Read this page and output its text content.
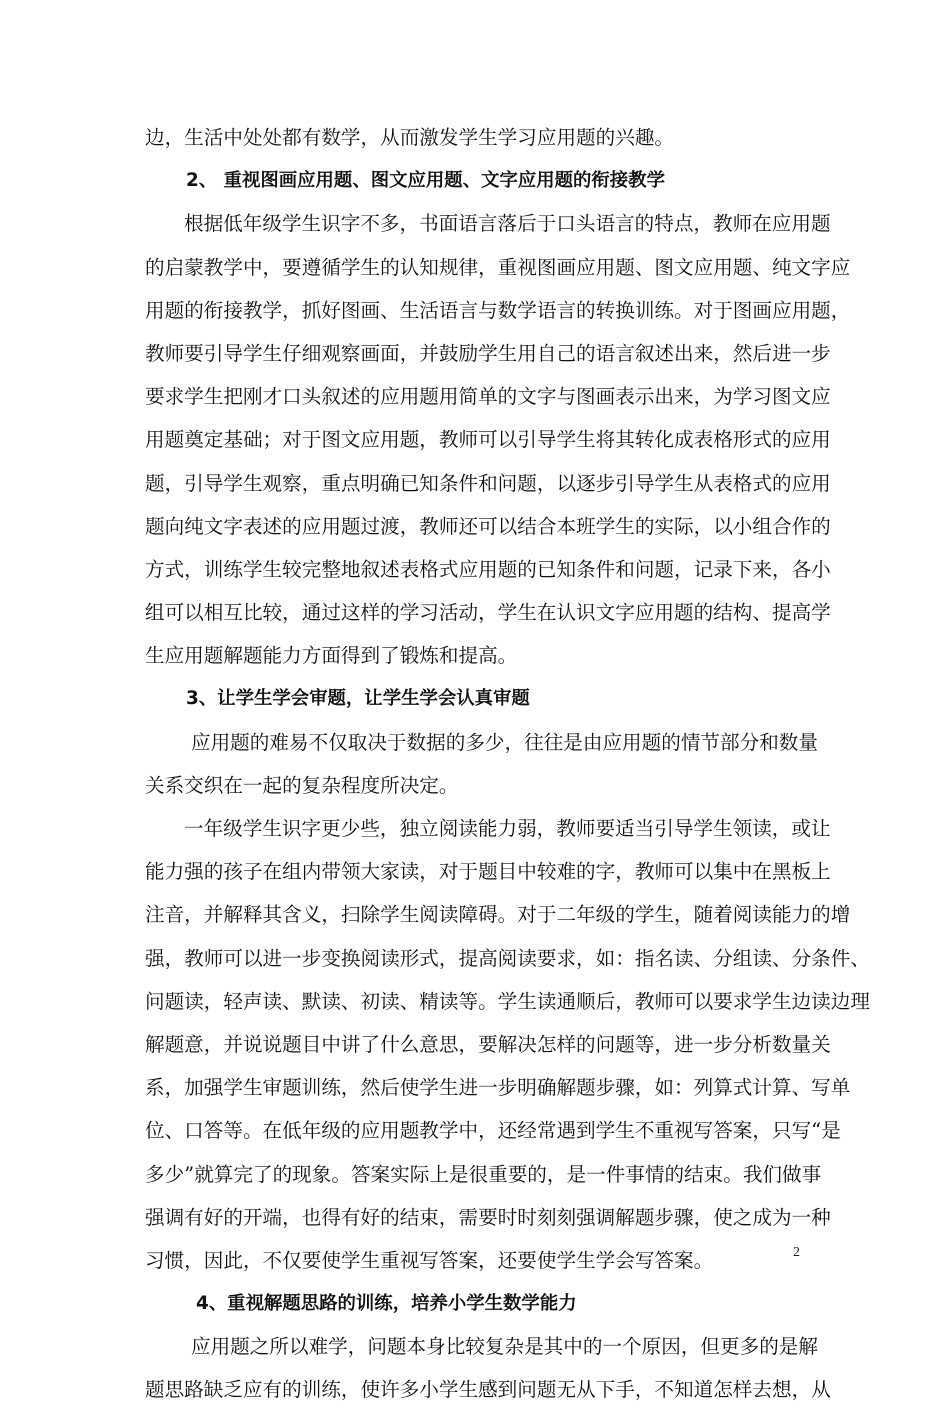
边，生活中处处都有数学，从而激发学生学习应用题的兴趣。
2、 重视图画应用题、图文应用题、文字应用题的衔接教学
根据低年级学生识字不多，书面语言落后于口头语言的特点，教师在应用题
的启蒙教学中，要遵循学生的认知规律，重视图画应用题、图文应用题、纯文字应
用题的衔接教学，抓好图画、生活语言与数学语言的转换训练。对于图画应用题，
教师要引导学生仔细观察画面，并鼓励学生用自己的语言叙述出来，然后进一步
要求学生把刚才口头叙述的应用题用简单的文字与图画表示出来，为学习图文应
用题奠定基础；对于图文应用题，教师可以引导学生将其转化成表格形式的应用
题，引导学生观察，重点明确已知条件和问题，以逐步引导学生从表格式的应用
题向纯文字表述的应用题过渡，教师还可以结合本班学生的实际，以小组合作的
方式，训练学生较完整地叙述表格式应用题的已知条件和问题，记录下来，各小
组可以相互比较，通过这样的学习活动，学生在认识文字应用题的结构、提高学
生应用题解题能力方面得到了锻炼和提高。
3、让学生学会审题，让学生学会认真审题
应用题的难易不仅取决于数据的多少，往往是由应用题的情节部分和数量
关系交织在一起的复杂程度所决定。
一年级学生识字更少些，独立阅读能力弱，教师要适当引导学生领读，或让
能力强的孩子在组内带领大家读，对于题目中较难的字，教师可以集中在黑板上
注音，并解释其含义，扫除学生阅读障碍。对于二年级的学生，随着阅读能力的增
强，教师可以进一步变换阅读形式，提高阅读要求，如：指名读、分组读、分条件、
问题读，轻声读、默读、初读、精读等。学生读通顺后，教师可以要求学生边读边理
解题意，并说说题目中讲了什么意思，要解决怎样的问题等，进一步分析数量关
系，加强学生审题训练，然后使学生进一步明确解题步骤，如：列算式计算、写单
位、口答等。在低年级的应用题教学中，还经常遇到学生不重视写答案，只写“是
多少”就算完了的现象。答案实际上是很重要的，是一件事情的结束。我们做事
强调有好的开端，也得有好的结束，需要时时刻刻强调解题步骤，使之成为一种
习惯，因此，不仅要使学生重视写答案，还要使学生学会写答案。
4、重视解题思路的训练，培养小学生数学能力
应用题之所以难学，问题本身比较复杂是其中的一个原因，但更多的是解
题思路缺乏应有的训练，使许多小学生感到问题无从下手，不知道怎样去想，从
2
